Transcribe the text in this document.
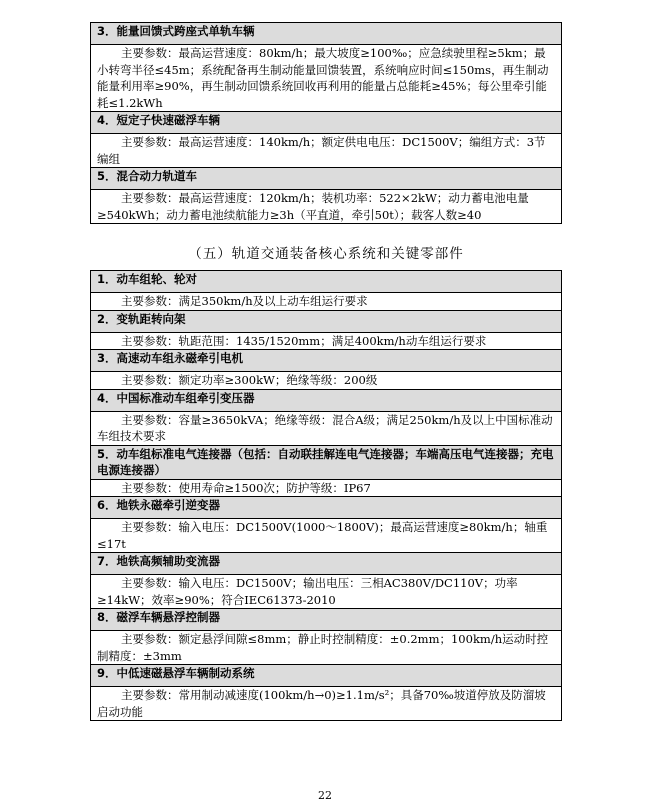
3．能量回馈式跨座式单轨车辆
主要参数：最高运营速度：80km/h；最大坡度≥100‰；应急续驶里程≥5km；最小转弯半径≤45m；系统配备再生制动能量回馈装置，系统响应时间≤150ms，再生制动能量利用率≥90%，再生制动回馈系统回收再利用的能量占总能耗≥45%；每公里牵引能耗≤1.2kWh
4．短定子快速磁浮车辆
主要参数：最高运营速度：140km/h；额定供电电压：DC1500V；编组方式：3节编组
5．混合动力轨道车
主要参数：最高运营速度：120km/h；装机功率：522×2kW；动力蓄电池电量≥540kWh；动力蓄电池续航能力≥3h（平直道，牵引50t）；载客人数≥40
（五）轨道交通装备核心系统和关键零部件
1．动车组轮、轮对
主要参数：满足350km/h及以上动车组运行要求
2．变轨距转向架
主要参数：轨距范围：1435/1520mm；满足400km/h动车组运行要求
3．高速动车组永磁牵引电机
主要参数：额定功率≥300kW；绝缘等级：200级
4．中国标准动车组牵引变压器
主要参数：容量≥3650kVA；绝缘等级：混合A级；满足250km/h及以上中国标准动车组技术要求
5．动车组标准电气连接器（包括：自动联挂解连电气连接器；车端高压电气连接器；充电电源连接器）
主要参数：使用寿命≥1500次；防护等级：IP67
6．地铁永磁牵引逆变器
主要参数：输入电压：DC1500V(1000～1800V)；最高运营速度≥80km/h；轴重≤17t
7．地铁高频辅助变流器
主要参数：输入电压：DC1500V；输出电压：三相AC380V/DC110V；功率≥14kW；效率≥90%；符合IEC61373-2010
8．磁浮车辆悬浮控制器
主要参数：额定悬浮间隙≤8mm；静止时控制精度：±0.2mm；100km/h运动时控制精度：±3mm
9．中低速磁悬浮车辆制动系统
主要参数：常用制动减速度(100km/h→0)≥1.1m/s²；具备70‰坡道停放及防溜坡启动功能
22
